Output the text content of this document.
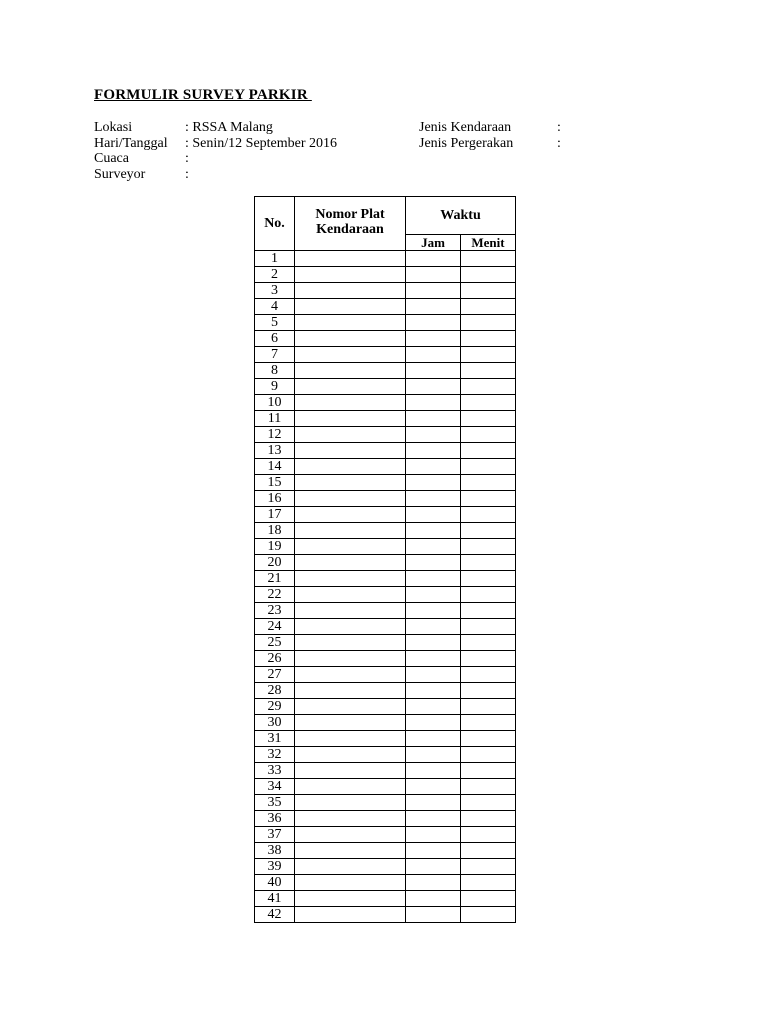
FORMULIR SURVEY PARKIR
Lokasi	: RSSA Malang
Hari/Tanggal : Senin/12 September 2016
Cuaca	:
Surveyor	:
Jenis Kendaraan	:
Jenis Pergerakan	:
No.	Nomor Plat Kendaraan	Waktu	
		Jam	Menit
1			
2			
3			
4			
5			
6			
7			
8			
9			
10			
11			
12			
13			
14			
15			
16			
17			
18			
19			
20			
21			
22			
23			
24			
25			
26			
27			
28			
29			
30			
31			
32			
33			
34			
35			
36			
37			
38			
39			
40			
41			
42			
